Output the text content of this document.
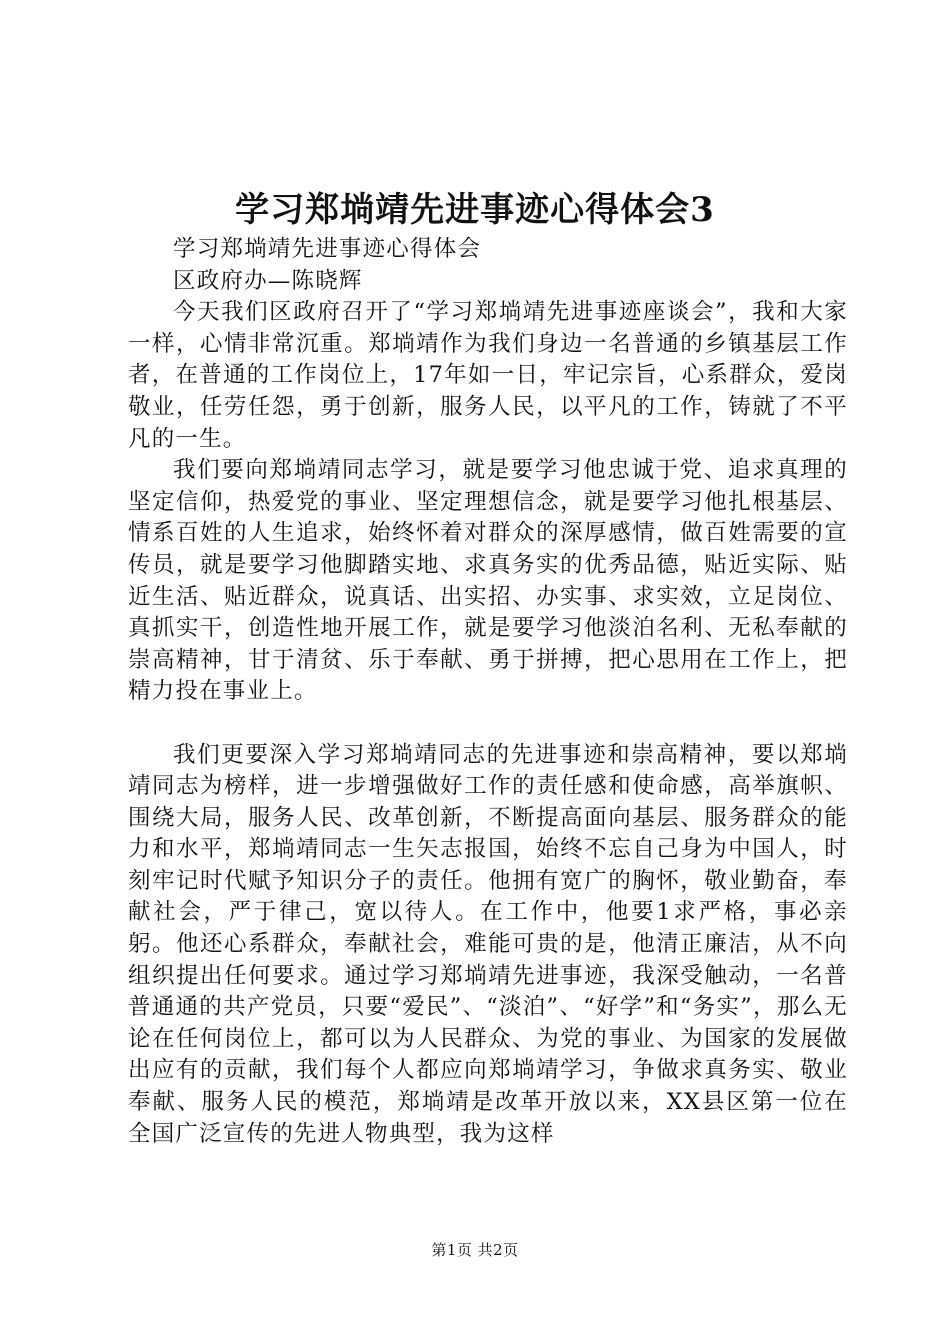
学习郑埫靖先进事迹心得体会3

学习郑埫靖先进事迹心得体会

区政府办—陈晓辉

今天我们区政府召开了“学习郑埫靖先进事迹座谈会”，我和大家一样，心情非常沉重。郑埫靖作为我们身边一名普通的乡镇基层工作者，在普通的工作岗位上，17年如一日，牢记宗旨，心系群众，爱岗敬业，任劳任怨，勇于创新，服务人民，以平凡的工作，铸就了不平凡的一生。

我们要向郑埫靖同志学习，就是要学习他忠诚于党、追求真理的坚定信仰，热爱党的事业、坚定理想信念，就是要学习他扎根基层、情系百姓的人生追求，始终怀着对群众的深厚感情，做百姓需要的宣传员，就是要学习他脚踏实地、求真务实的优秀品德，贴近实际、贴近生活、贴近群众，说真话、出实招、办实事、求实效，立足岗位、真抓实干，创造性地开展工作，就是要学习他淡泊名利、无私奉献的崇高精神，甘于清贫、乐于奉献、勇于拼搏，把心思用在工作上，把精力投在事业上。

我们更要深入学习郑埫靖同志的先进事迹和崇高精神，要以郑埫靖同志为榜样，进一步增强做好工作的责任感和使命感，高举旗帜、围绕大局，服务人民、改革创新，不断提高面向基层、服务群众的能力和水平，郑埫靖同志一生矢志报国，始终不忘自己身为中国人，时刻牢记时代赋予知识分子的责任。他拥有宽广的胸怀，敬业勤奋，奉献社会，严于律己，宽以待人。在工作中，他要1求严格，事必亲躬。他还心系群众，奉献社会，难能可贵的是，他清正廉洁，从不向组织提出任何要求。通过学习郑埫靖先进事迹，我深受触动，一名普普通通的共产党员，只要“爱民”、“淡泊”、“好学”和“务实”，那么无论在任何岗位上，都可以为人民群众、为党的事业、为国家的发展做出应有的贡献，我们每个人都应向郑埫靖学习，争做求真务实、敬业奉献、服务人民的模范，郑埫靖是改革开放以来，XX县区第一位在全国广泛宣传的先进人物典型，我为这样

第1页 共2页
